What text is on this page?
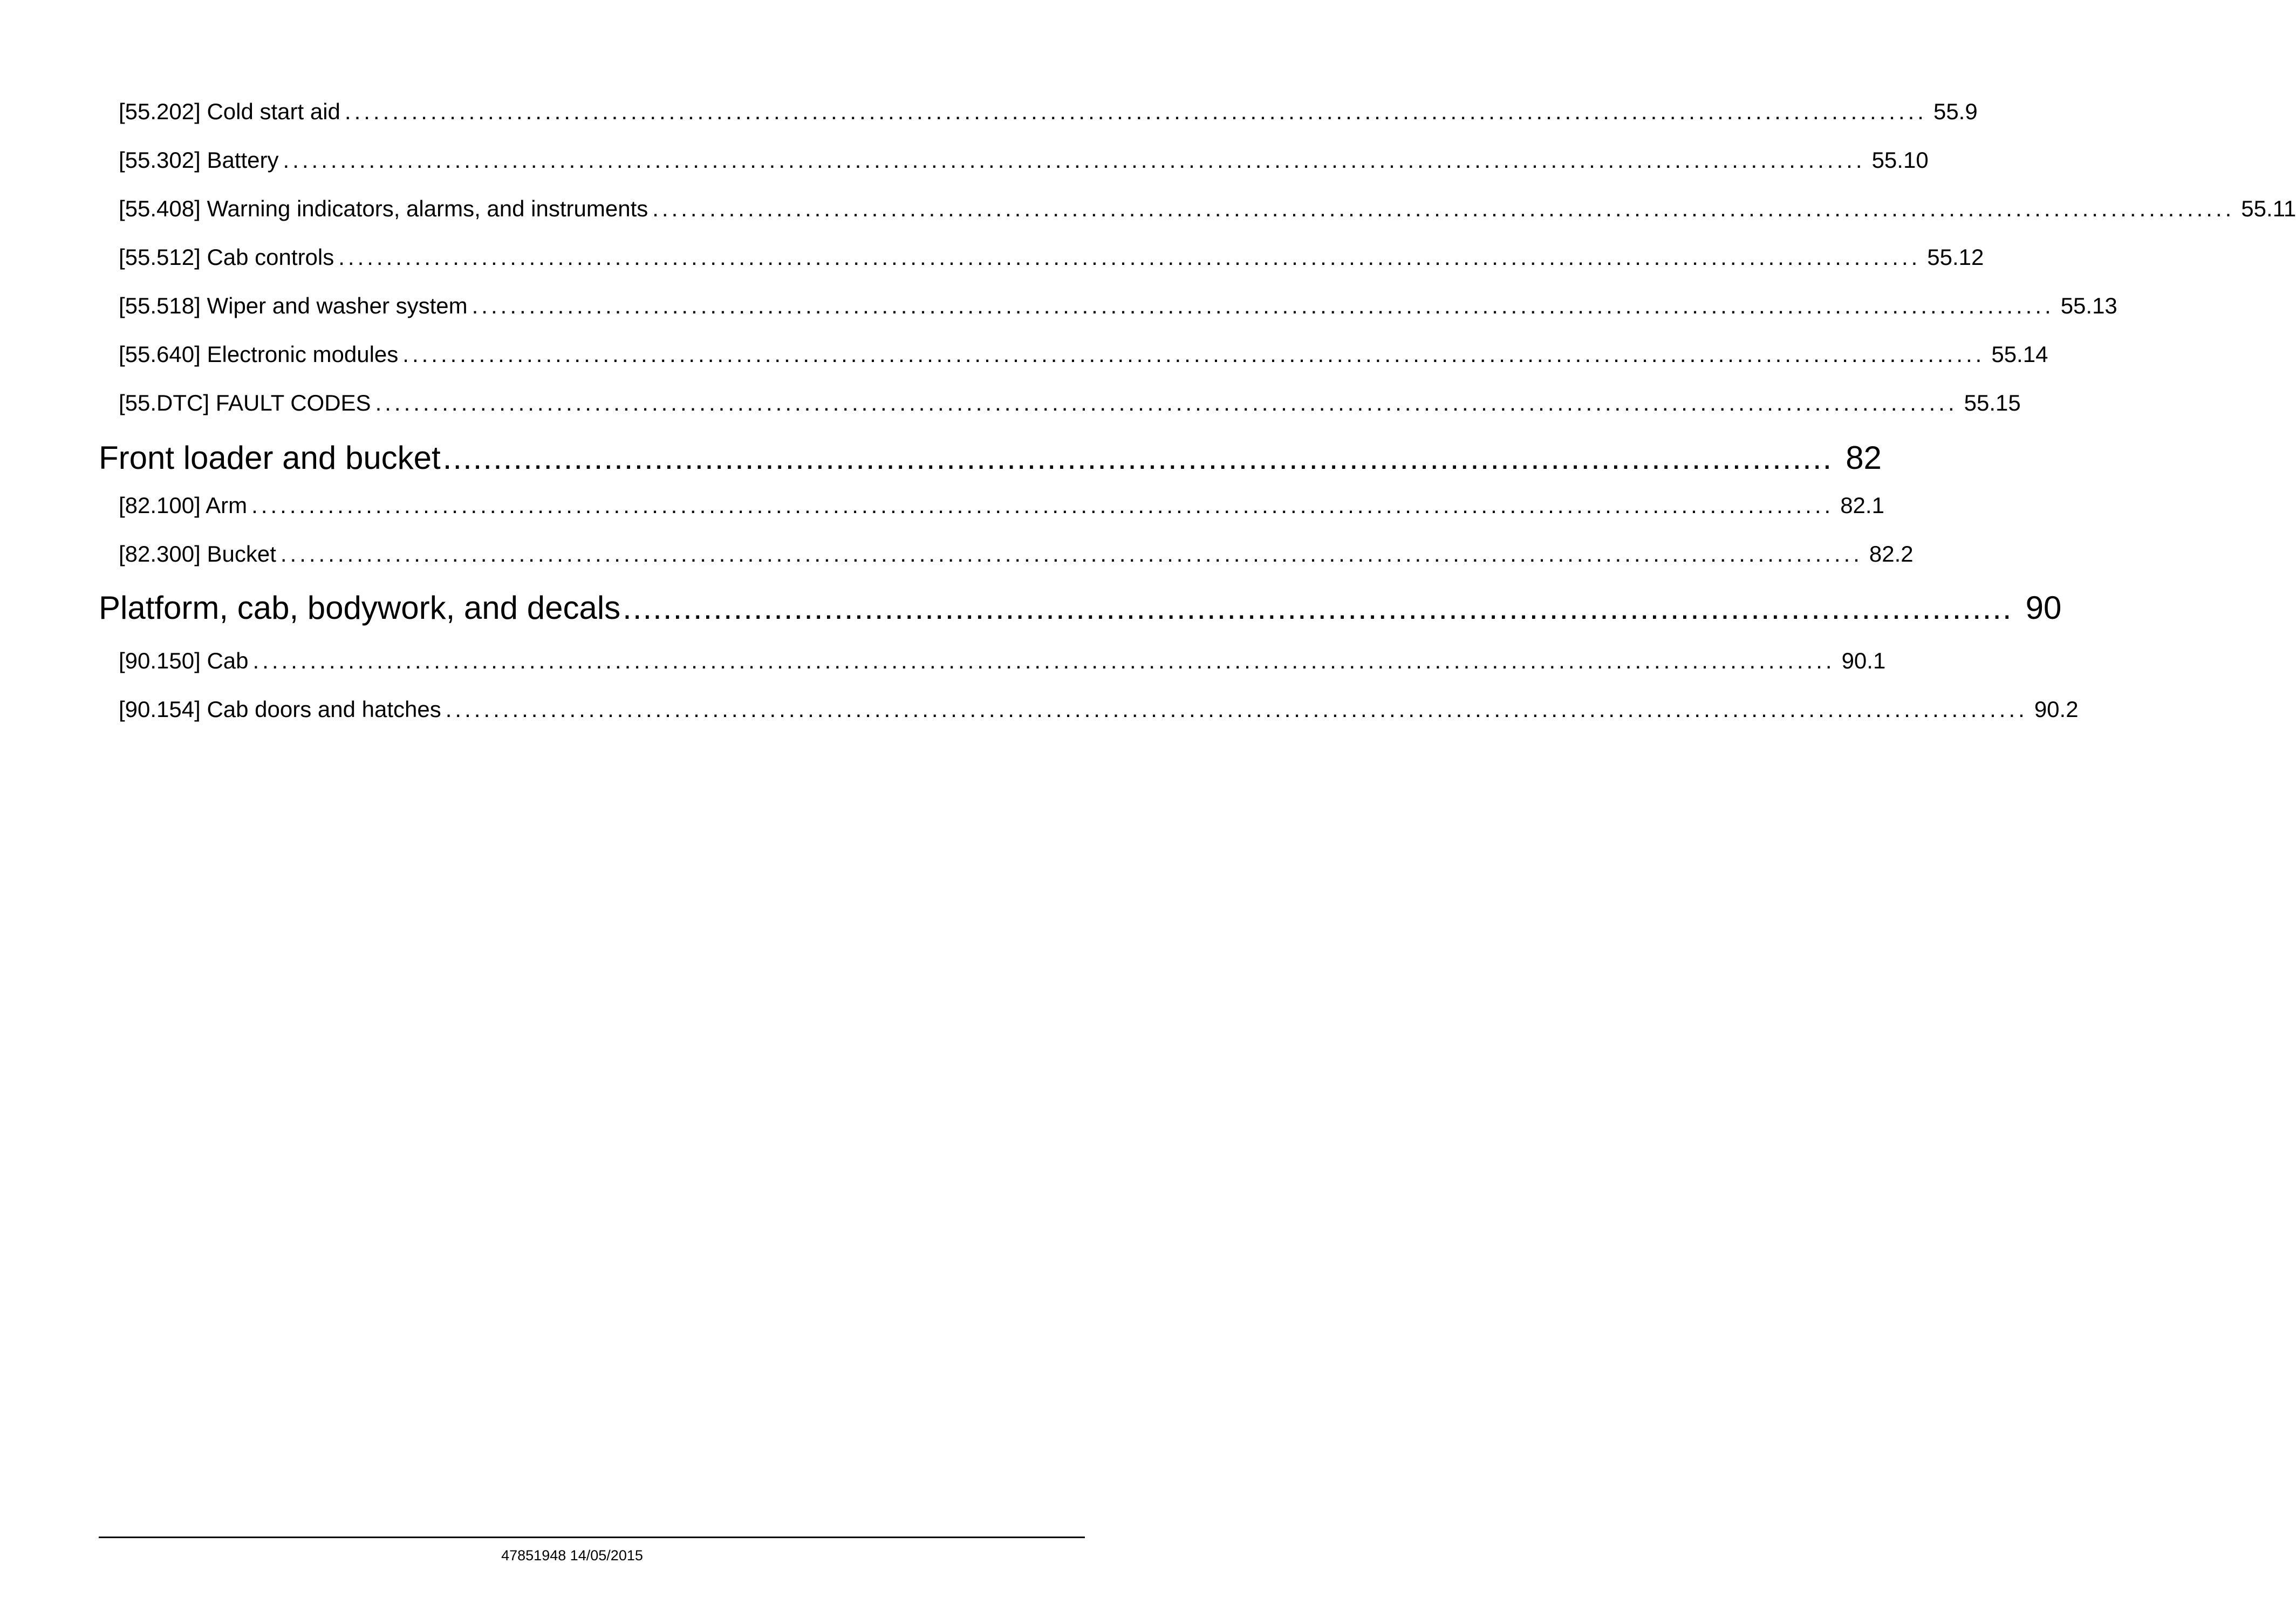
[55.202] Cold start aid ...................................................................................................................................................................... 55.9
[55.302] Battery ...................................................................................................................................................................... 55.10
[55.408] Warning indicators, alarms, and instruments ...................................................................................................................................................................... 55.11
[55.512] Cab controls ...................................................................................................................................................................... 55.12
[55.518] Wiper and washer system ...................................................................................................................................................................... 55.13
[55.640] Electronic modules ...................................................................................................................................................................... 55.14
[55.DTC] FAULT CODES ...................................................................................................................................................................... 55.15
Front loader and bucket .......................................................................................................................................... 82
[82.100] Arm ...................................................................................................................................................................... 82.1
[82.300] Bucket ...................................................................................................................................................................... 82.2
Platform, cab, bodywork, and decals .......................................................................................................................................... 90
[90.150] Cab ...................................................................................................................................................................... 90.1
[90.154] Cab doors and hatches ...................................................................................................................................................................... 90.2
47851948 14/05/2015
